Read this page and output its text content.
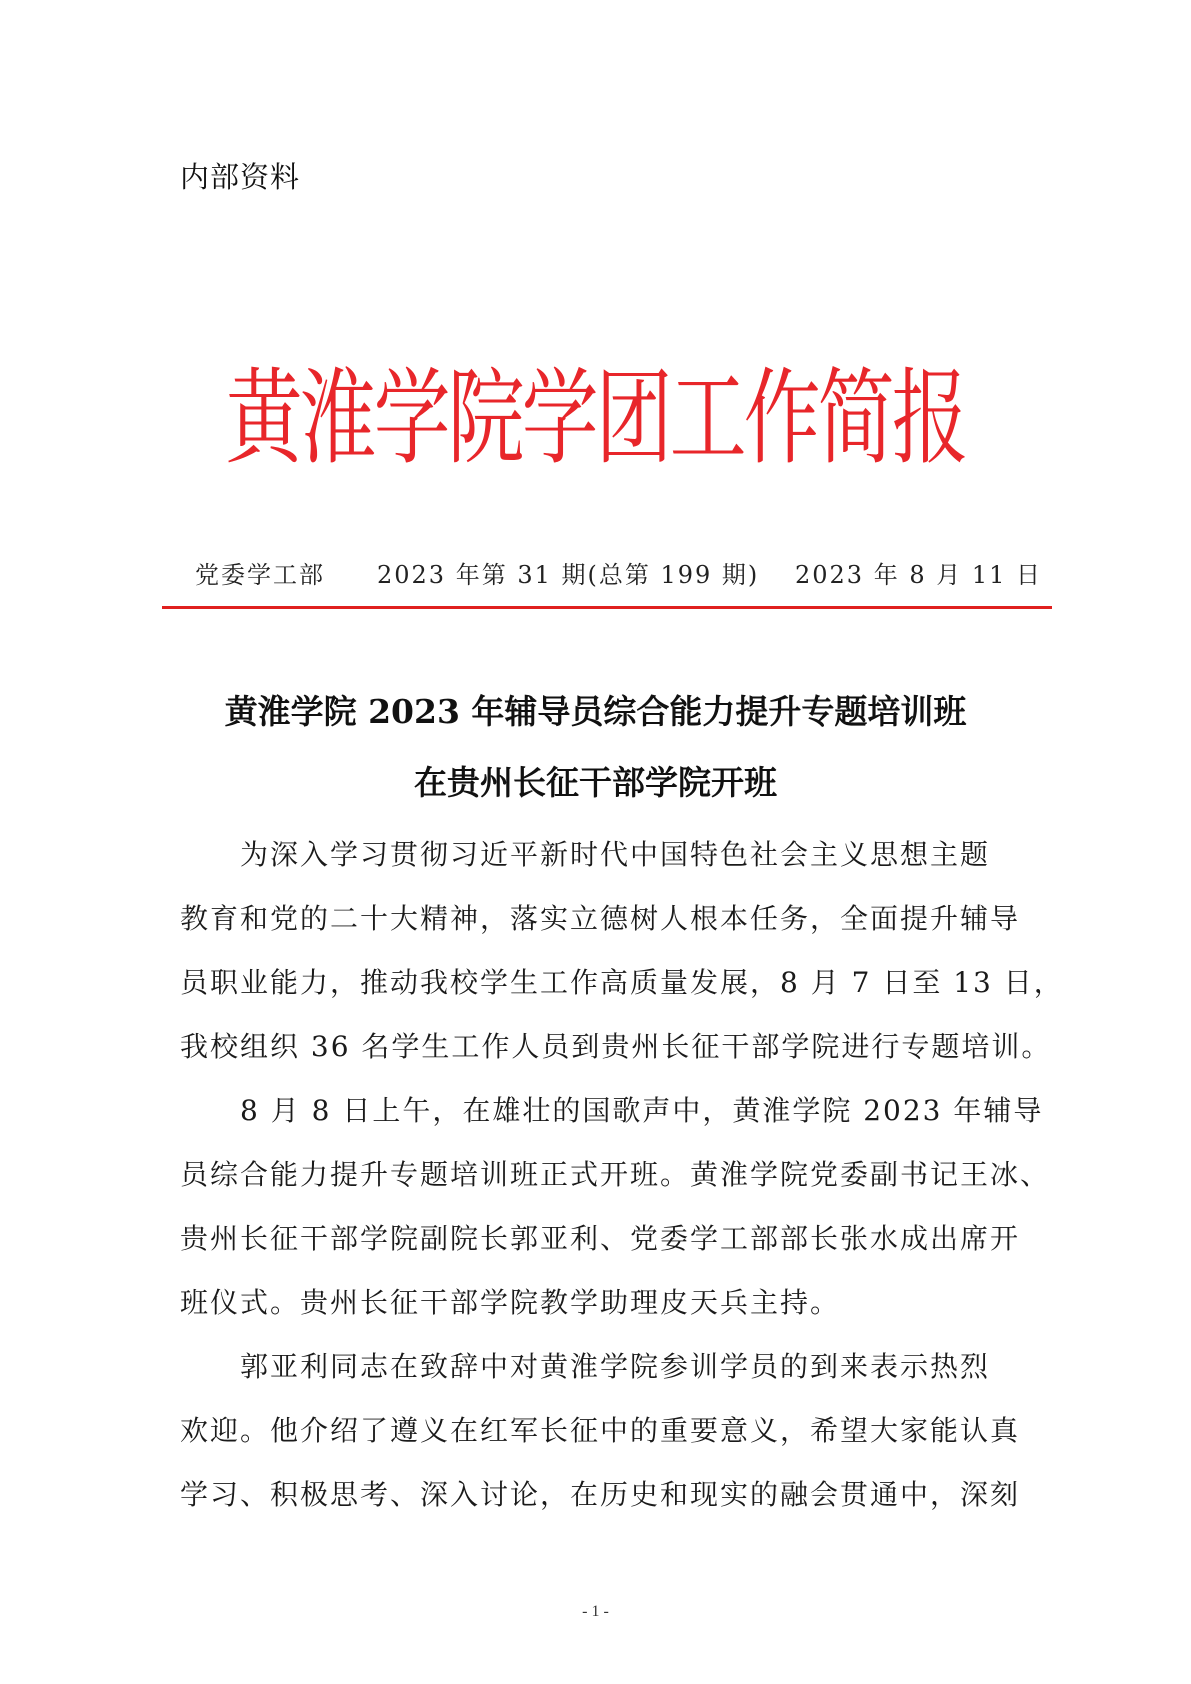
内部资料
黄淮学院学团工作简报

党委学工部

2023 年第 31 期(总第 199 期)

2023 年 8 月 11 日

黄淮学院 2023 年辅导员综合能力提升专题培训班
在贵州长征干部学院开班
为深入学习贯彻习近平新时代中国特色社会主义思想主题
教育和党的二十大精神，落实立德树人根本任务，全面提升辅导
员职业能力，推动我校学生工作高质量发展，8 月 7 日至 13 日，
我校组织 36 名学生工作人员到贵州长征干部学院进行专题培训。
8 月 8 日上午，在雄壮的国歌声中，黄淮学院 2023 年辅导
员综合能力提升专题培训班正式开班。黄淮学院党委副书记王冰、
贵州长征干部学院副院长郭亚利、党委学工部部长张水成出席开
班仪式。贵州长征干部学院教学助理皮天兵主持。
郭亚利同志在致辞中对黄淮学院参训学员的到来表示热烈
欢迎。他介绍了遵义在红军长征中的重要意义，希望大家能认真
学习、积极思考、深入讨论，在历史和现实的融会贯通中，深刻
- 1 -
